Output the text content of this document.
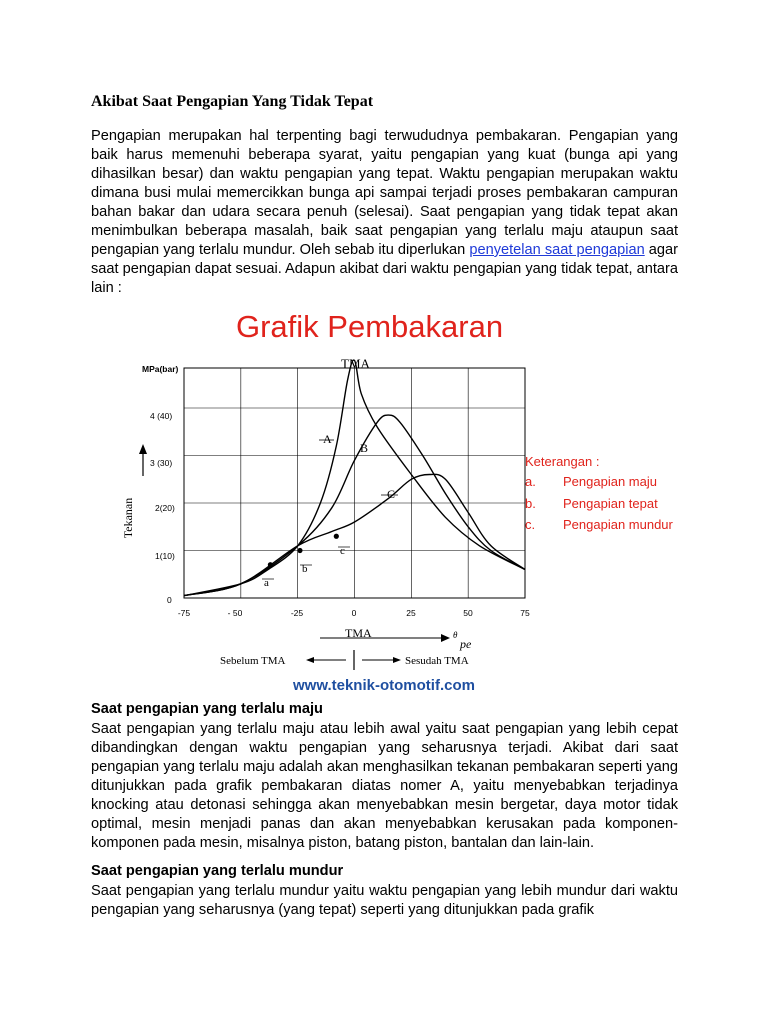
Akibat Saat Pengapian Yang Tidak Tepat

Pengapian merupakan hal terpenting bagi terwududnya pembakaran. Pengapian yang baik harus memenuhi beberapa syarat, yaitu pengapian yang kuat (bunga api yang dihasilkan besar) dan waktu pengapian yang tepat. Waktu pengapian merupakan waktu dimana busi mulai memercikkan bunga api sampai terjadi proses pembakaran campuran bahan bakar dan udara secara penuh (selesai). Saat pengapian yang tidak tepat akan menimbulkan beberapa masalah, baik saat pengapian yang terlalu maju ataupun saat pengapian yang terlalu mundur. Oleh sebab itu diperlukan penyetelan saat pengapian agar saat pengapian dapat sesuai. Adapun akibat dari waktu pengapian yang tidak tepat, antara lain :

Grafik Pembakaran
Tekanan
MPa(bar)
4 (40)
3 (30)
2(20)
1(10)
0
-75	- 50	-25	0	25	50	75
TMA
A
B
C
a
b
c
TMA	θ
pe
Sebelum TMA	Sesudah TMA
Keterangan :
a. Pengapian maju
b. Pengapian tepat
c. Pengapian mundur
www.teknik-otomotif.com
Saat pengapian yang terlalu maju

Saat pengapian yang terlalu maju atau lebih awal yaitu saat pengapian yang lebih cepat dibandingkan dengan waktu pengapian yang seharusnya terjadi. Akibat dari saat pengapian yang terlalu maju adalah akan menghasilkan tekanan pembakaran seperti yang ditunjukkan pada grafik pembakaran diatas nomer A, yaitu menyebabkan terjadinya knocking atau detonasi sehingga akan menyebabkan mesin bergetar, daya motor tidak optimal, mesin menjadi panas dan akan menyebabkan kerusakan pada komponen-komponen pada mesin, misalnya piston, batang piston, bantalan dan lain-lain.

Saat pengapian yang terlalu mundur

Saat pengapian yang terlalu mundur yaitu waktu pengapian yang lebih mundur dari waktu pengapian yang seharusnya (yang tepat) seperti yang ditunjukkan pada grafik
